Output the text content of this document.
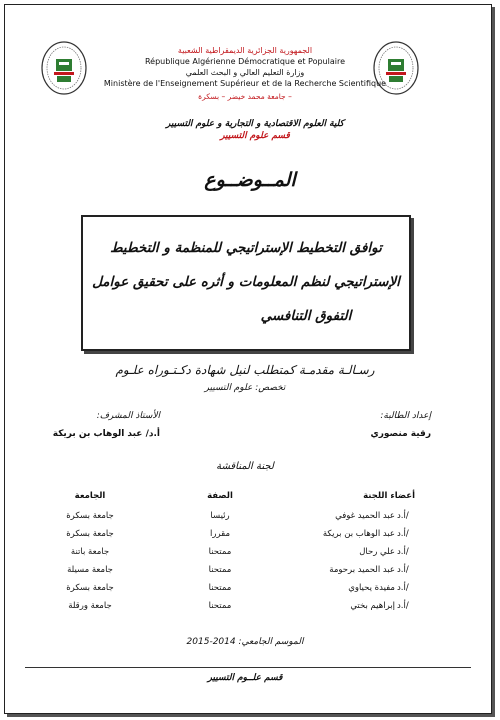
الجمهورية الجزائرية الديمقراطية الشعبية
République Algérienne Démocratique et Populaire
وزارة التعليم العالي و البحث العلمي
Ministère de l'Enseignement Supérieur et de la Recherche Scientifique
جامعة محمد خيضر – بسكرة –
كلية العلوم الاقتصادية و التجارية و علوم التسيير
قسم علوم التسيير
المــوضــوع
توافق التخطيط الإستراتيجي للمنظمة و التخطيط
الإستراتيجي لنظم المعلومات و أثره على تحقيق عوامل
التفوق التنافسي
رسـالـة مقدمـة كمتطلب لنيل شهادة دكـتـوراه علـوم
تخصص: علوم التسيير
إعداد الطالبة:
رقية منصوري
الأستاذ المشرف:
أ.د/ عبد الوهاب بن بريكة
لجنة المناقشة
أعضاء اللجنة
الصفة
الجامعة
أ.د/
عبد الحميد غوفي
رئيسا
جامعة بسكرة
أ.د/
عبد الوهاب بن بريكة
مقررا
جامعة بسكرة
أ.د/
علي رحال
ممتحنا
جامعة باتنة
أ.د/
عبد الحميد برحومة
ممتحنا
جامعة مسيلة
أ.د/
مفيدة يحياوي
ممتحنا
جامعة بسكرة
أ.د/
إبراهيم بختي
ممتحنا
جامعة ورقلة
الموسم الجامعي: 2014-2015
قسم علــوم التسيير
